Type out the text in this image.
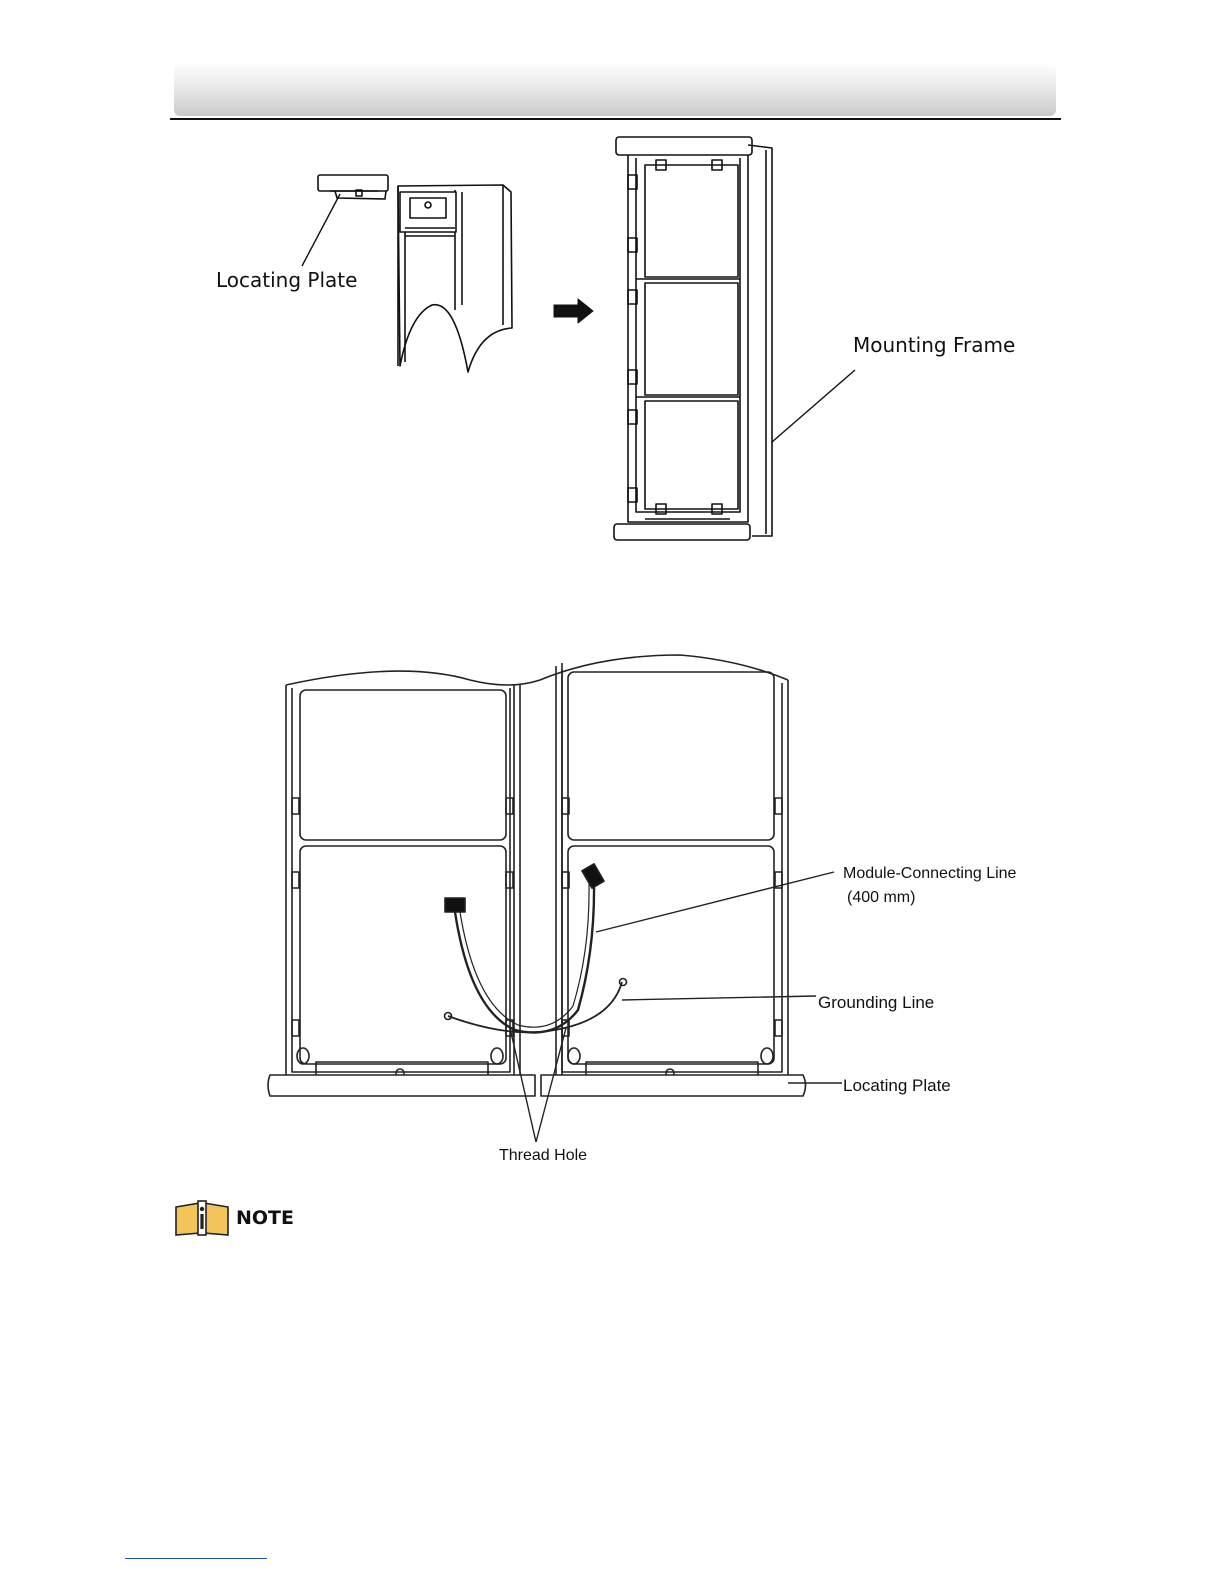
Locating Plate
Mounting Frame
Module-Connecting Line
(400 mm)
Grounding Line
Locating Plate
Thread Hole
NOTE
